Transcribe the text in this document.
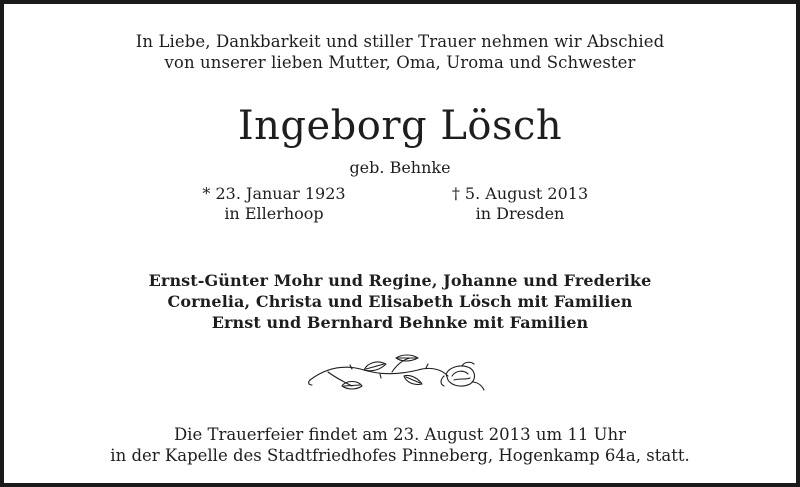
In Liebe, Dankbarkeit und stiller Trauer nehmen wir Abschied
von unserer lieben Mutter, Oma, Uroma und Schwester
Ingeborg Lösch
geb. Behnke
* 23. Januar 1923
in Ellerhoop
† 5. August 2013
in Dresden
Ernst-Günter Mohr und Regine, Johanne und Frederike
Cornelia, Christa und Elisabeth Lösch mit Familien
Ernst und Bernhard Behnke mit Familien
Die Trauerfeier findet am 23. August 2013 um 11 Uhr
in der Kapelle des Stadtfriedhofes Pinneberg, Hogenkamp 64a, statt.
